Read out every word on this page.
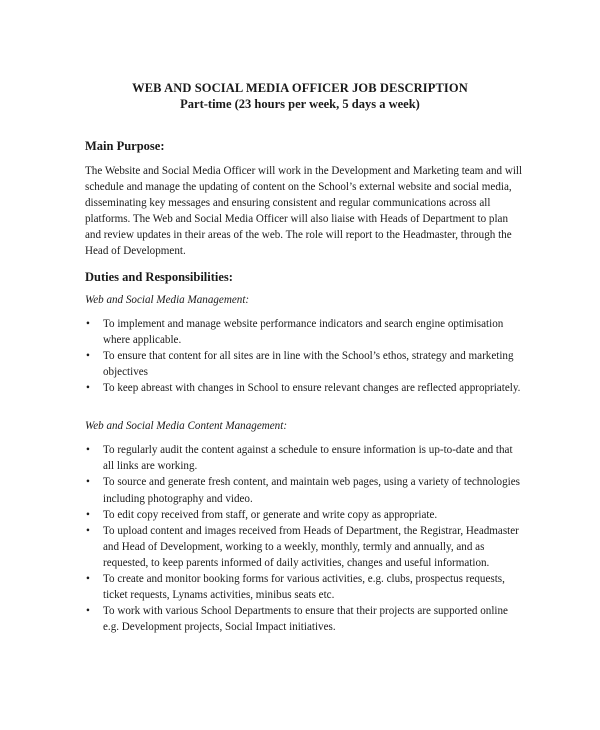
WEB AND SOCIAL MEDIA OFFICER JOB DESCRIPTION
Part-time (23 hours per week, 5 days a week)
Main Purpose:
The Website and Social Media Officer will work in the Development and Marketing team and will schedule and manage the updating of content on the School’s external website and social media, disseminating key messages and ensuring consistent and regular communications across all platforms. The Web and Social Media Officer will also liaise with Heads of Department to plan and review updates in their areas of the web. The role will report to the Headmaster, through the Head of Development.
Duties and Responsibilities:
Web and Social Media Management:
• To implement and manage website performance indicators and search engine optimisation where applicable.
• To ensure that content for all sites are in line with the School’s ethos, strategy and marketing objectives
• To keep abreast with changes in School to ensure relevant changes are reflected appropriately.
Web and Social Media Content Management:
• To regularly audit the content against a schedule to ensure information is up-to-date and that all links are working.
• To source and generate fresh content, and maintain web pages, using a variety of technologies including photography and video.
• To edit copy received from staff, or generate and write copy as appropriate.
• To upload content and images received from Heads of Department, the Registrar, Headmaster and Head of Development, working to a weekly, monthly, termly and annually, and as requested, to keep parents informed of daily activities, changes and useful information.
• To create and monitor booking forms for various activities, e.g. clubs, prospectus requests, ticket requests, Lynams activities, minibus seats etc.
• To work with various School Departments to ensure that their projects are supported online e.g. Development projects, Social Impact initiatives.
